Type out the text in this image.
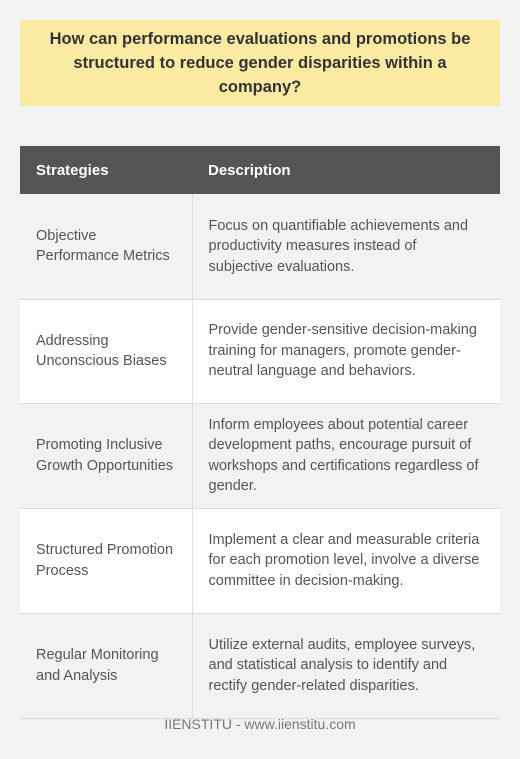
How can performance evaluations and promotions be structured to reduce gender disparities within a company?
Strategies	Description
Objective Performance Metrics	Focus on quantifiable achievements and productivity measures instead of subjective evaluations.
Addressing Unconscious Biases	Provide gender-sensitive decision-making training for managers, promote gender-neutral language and behaviors.
Promoting Inclusive Growth Opportunities	Inform employees about potential career development paths, encourage pursuit of workshops and certifications regardless of gender.
Structured Promotion Process	Implement a clear and measurable criteria for each promotion level, involve a diverse committee in decision-making.
Regular Monitoring and Analysis	Utilize external audits, employee surveys, and statistical analysis to identify and rectify gender-related disparities.
IIENSTITU - www.iienstitu.com
